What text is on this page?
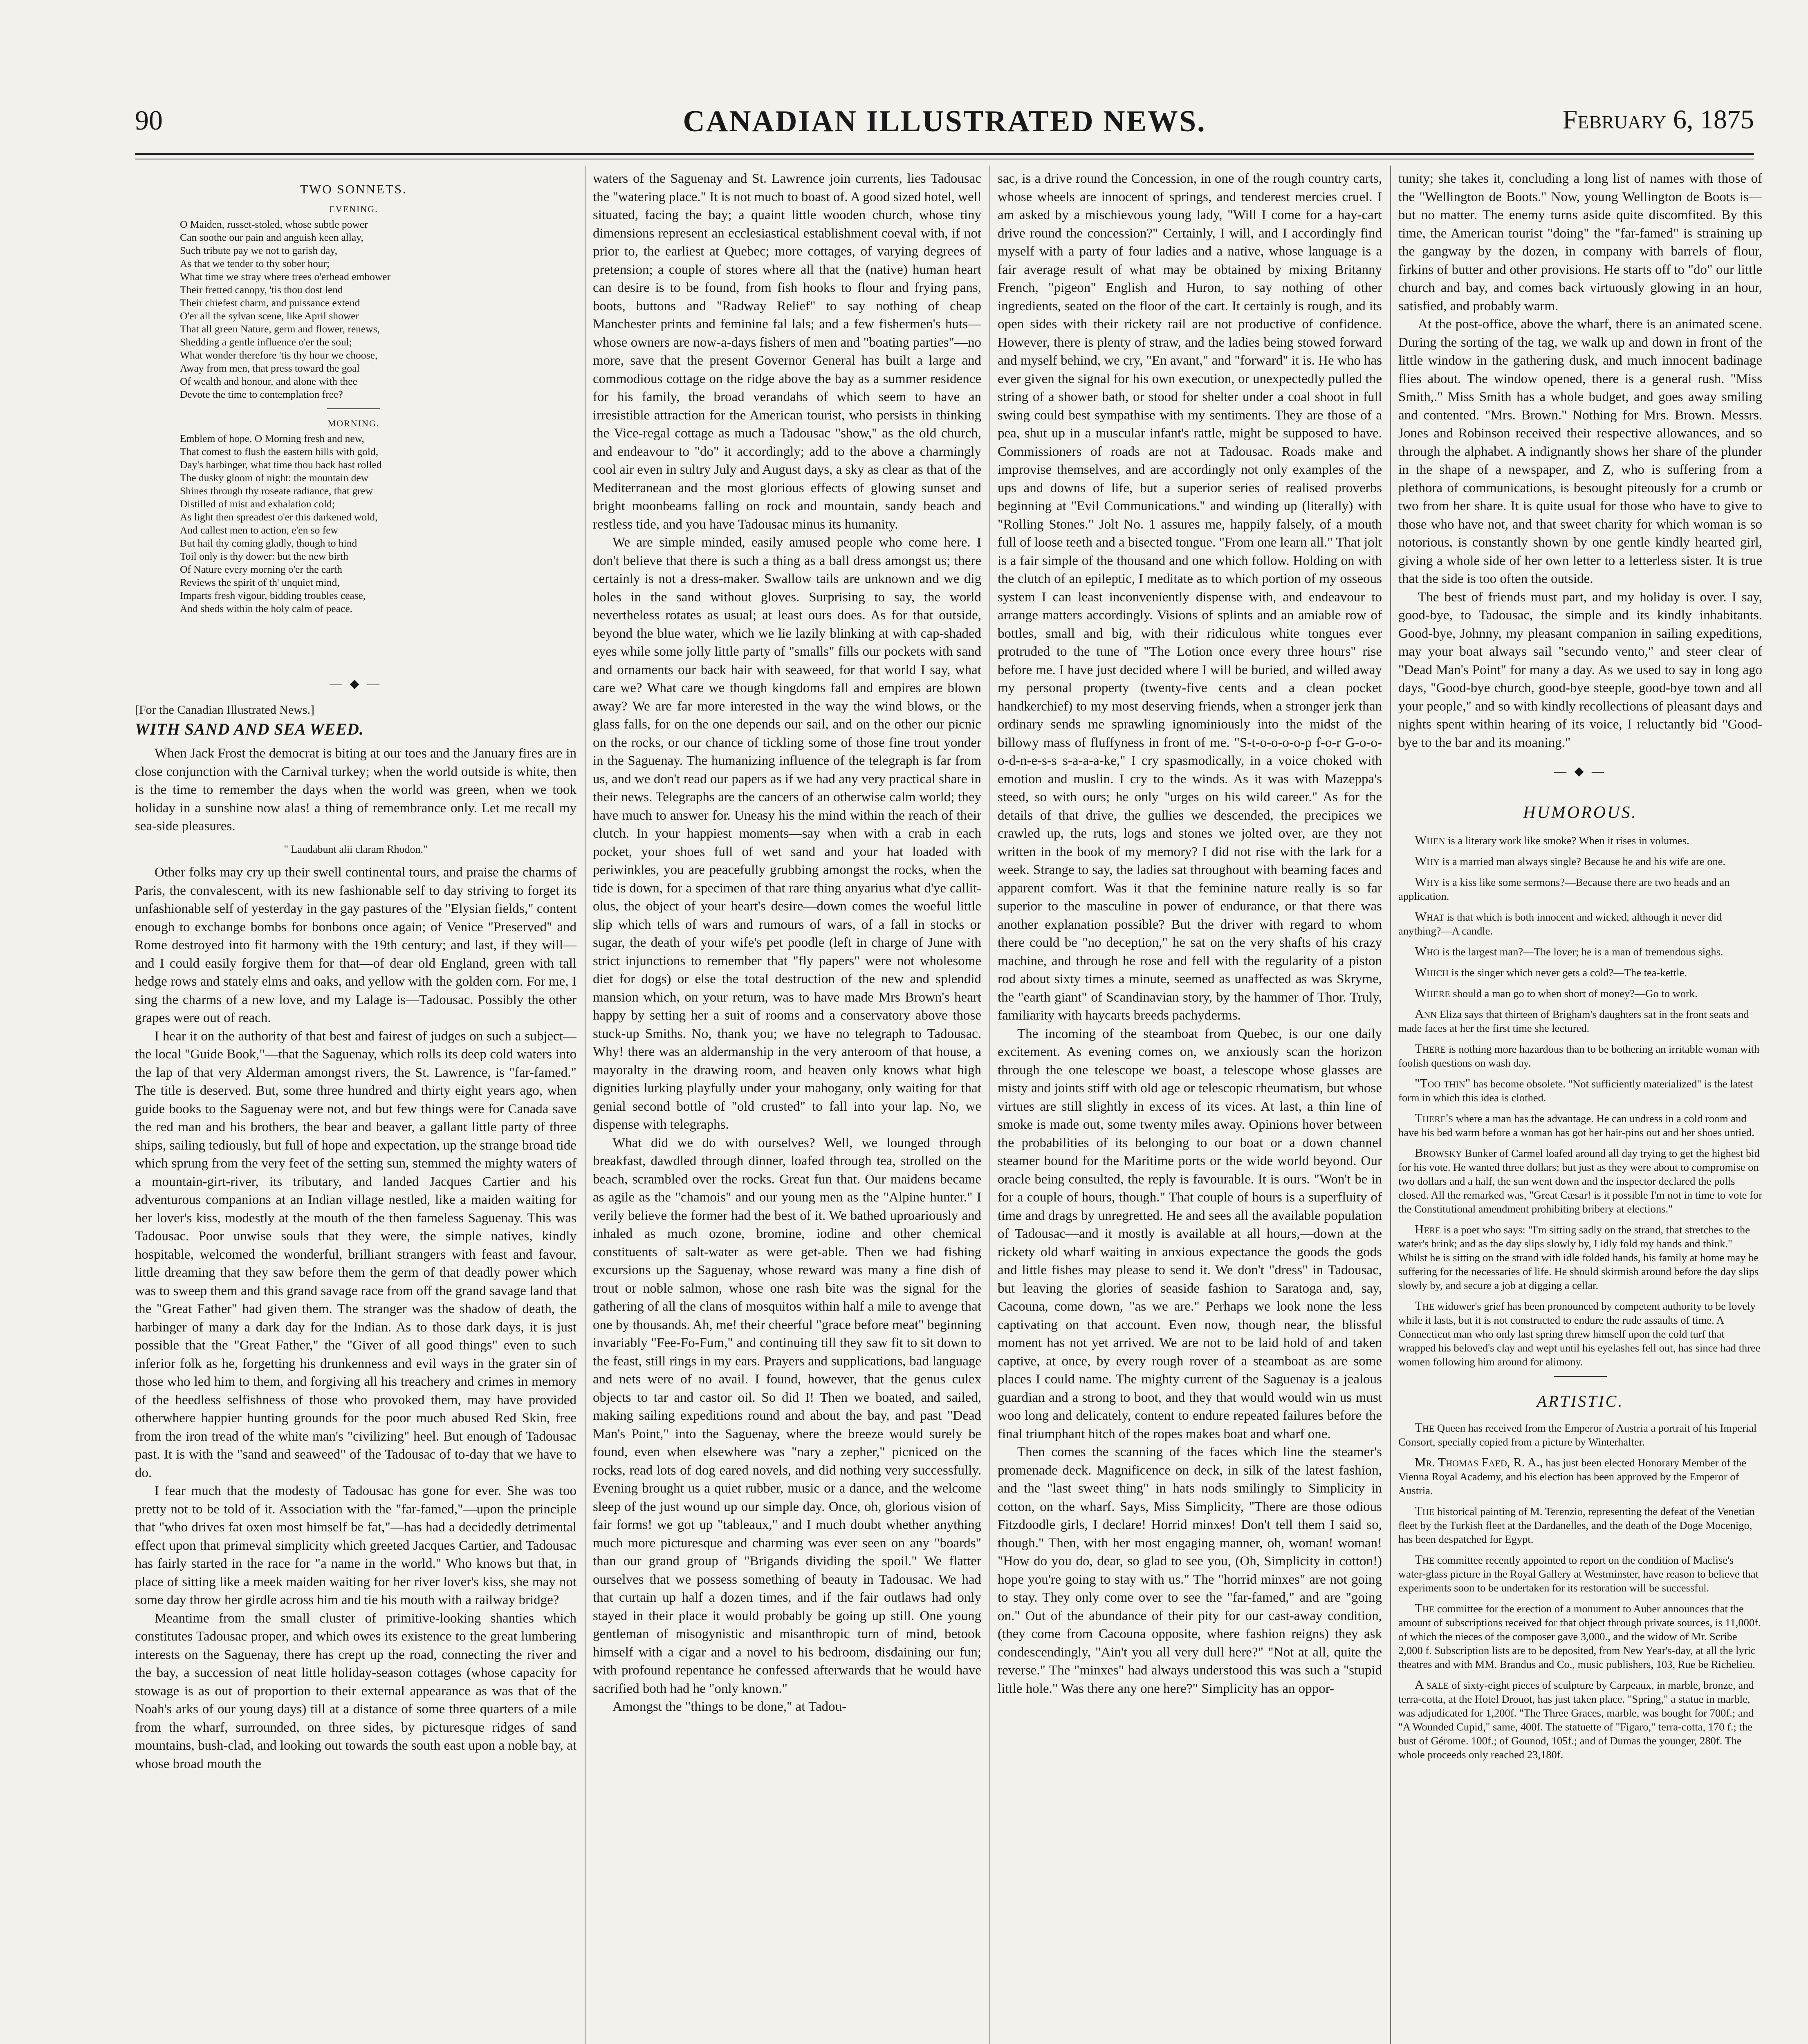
90	CANADIAN ILLUSTRATED NEWS.	February 6, 1875
TWO SONNETS.
EVENING.
O Maiden, russet-stoled, whose subtle power
Can soothe our pain and anguish keen allay,
Such tribute pay we not to garish day,
As that we tender to thy sober hour;
What time we stray where trees o'erhead embower
Their fretted canopy, 'tis thou dost lend
Their chiefest charm, and puissance extend
O'er all the sylvan scene, like April shower
That all green Nature, germ and flower, renews,
Shedding a gentle influence o'er the soul;
What wonder therefore 'tis thy hour we choose,
Away from men, that press toward the goal
Of wealth and honour, and alone with thee
Devote the time to contemplation free?
MORNING.
Emblem of hope, O Morning fresh and new,
That comest to flush the eastern hills with gold,
Day's harbinger, what time thou back hast rolled
The dusky gloom of night: the mountain dew
Shines through thy roseate radiance, that grew
Distilled of mist and exhalation cold;
As light then spreadest o'er this darkened wold,
And callest men to action, e'en so few
But hail thy coming gladly, though to hind
Toil only is thy dower: but the new birth
Of Nature every morning o'er the earth
Reviews the spirit of th' unquiet mind,
Imparts fresh vigour, bidding troubles cease,
And sheds within the holy calm of peace.
— ◆ —
[For the Canadian Illustrated News.]
WITH SAND AND SEA WEED.

When Jack Frost the democrat is biting at our toes and the January fires are in close conjunction with the Carnival turkey; when the world outside is white, then is the time to remember the days when the world was green, when we took holiday in a sunshine now alas! a thing of remembrance only. Let me recall my sea-side pleasures.

" Laudabunt alii claram Rhodon."

Other folks may cry up their swell continental tours, and praise the charms of Paris, the convalescent, with its new fashionable self to day striving to forget its unfashionable self of yesterday in the gay pastures of the "Elysian fields," content enough to exchange bombs for bonbons once again; of Venice "Preserved" and Rome destroyed into fit harmony with the 19th century; and last, if they will—and I could easily forgive them for that—of dear old England, green with tall hedge rows and stately elms and oaks, and yellow with the golden corn. For me, I sing the charms of a new love, and my Lalage is—Tadousac. Possibly the other grapes were out of reach.

I hear it on the authority of that best and fairest of judges on such a subject—the local "Guide Book,"—that the Saguenay, which rolls its deep cold waters into the lap of that very Alderman amongst rivers, the St. Lawrence, is "far-famed." The title is deserved. But, some three hundred and thirty eight years ago, when guide books to the Saguenay were not, and but few things were for Canada save the red man and his brothers, the bear and beaver, a gallant little party of three ships, sailing tediously, but full of hope and expectation, up the strange broad tide which sprung from the very feet of the setting sun, stemmed the mighty waters of a mountain-girt-river, its tributary, and landed Jacques Cartier and his adventurous companions at an Indian village nestled, like a maiden waiting for her lover's kiss, modestly at the mouth of the then fameless Saguenay. This was Tadousac. Poor unwise souls that they were, the simple natives, kindly hospitable, welcomed the wonderful, brilliant strangers with feast and favour, little dreaming that they saw before them the germ of that deadly power which was to sweep them and this grand savage race from off the grand savage land that the "Great Father" had given them. The stranger was the shadow of death, the harbinger of many a dark day for the Indian. As to those dark days, it is just possible that the "Great Father," the "Giver of all good things" even to such inferior folk as he, forgetting his drunkenness and evil ways in the grater sin of those who led him to them, and forgiving all his treachery and crimes in memory of the heedless selfishness of those who provoked them, may have provided otherwhere happier hunting grounds for the poor much abused Red Skin, free from the iron tread of the white man's "civilizing" heel. But enough of Tadousac past. It is with the "sand and seaweed" of the Tadousac of to-day that we have to do.

I fear much that the modesty of Tadousac has gone for ever. She was too pretty not to be told of it. Association with the "far-famed,"—upon the principle that "who drives fat oxen most himself be fat,"—has had a decidedly detrimental effect upon that primeval simplicity which greeted Jacques Cartier, and Tadousac has fairly started in the race for "a name in the world." Who knows but that, in place of sitting like a meek maiden waiting for her river lover's kiss, she may not some day throw her girdle across him and tie his mouth with a railway bridge?

Meantime from the small cluster of primitive-looking shanties which constitutes Tadousac proper, and which owes its existence to the great lumbering interests on the Saguenay, there has crept up the road, connecting the river and the bay, a succession of neat little holiday-season cottages (whose capacity for stowage is as out of proportion to their external appearance as was that of the Noah's arks of our young days) till at a distance of some three quarters of a mile from the wharf, surrounded, on three sides, by picturesque ridges of sand mountains, bush-clad, and looking out towards the south east upon a noble bay, at whose broad mouth the

waters of the Saguenay and St. Lawrence join currents, lies Tadousac the "watering place." It is not much to boast of. A good sized hotel, well situated, facing the bay; a quaint little wooden church, whose tiny dimensions represent an ecclesiastical establishment coeval with, if not prior to, the earliest at Quebec; more cottages, of varying degrees of pretension; a couple of stores where all that the (native) human heart can desire is to be found, from fish hooks to flour and frying pans, boots, buttons and "Radway Relief" to say nothing of cheap Manchester prints and feminine fal lals; and a few fishermen's huts—whose owners are now-a-days fishers of men and "boating parties"—no more, save that the present Governor General has built a large and commodious cottage on the ridge above the bay as a summer residence for his family, the broad verandahs of which seem to have an irresistible attraction for the American tourist, who persists in thinking the Vice-regal cottage as much a Tadousac "show," as the old church, and endeavour to "do" it accordingly; add to the above a charmingly cool air even in sultry July and August days, a sky as clear as that of the Mediterranean and the most glorious effects of glowing sunset and bright moonbeams falling on rock and mountain, sandy beach and restless tide, and you have Tadousac minus its humanity.

We are simple minded, easily amused people who come here. I don't believe that there is such a thing as a ball dress amongst us; there certainly is not a dress-maker. Swallow tails are unknown and we dig holes in the sand without gloves. Surprising to say, the world nevertheless rotates as usual; at least ours does. As for that outside, beyond the blue water, which we lie lazily blinking at with cap-shaded eyes while some jolly little party of "smalls" fills our pockets with sand and ornaments our back hair with seaweed, for that world I say, what care we? What care we though kingdoms fall and empires are blown away? We are far more interested in the way the wind blows, or the glass falls, for on the one depends our sail, and on the other our picnic on the rocks, or our chance of tickling some of those fine trout yonder in the Saguenay. The humanizing influence of the telegraph is far from us, and we don't read our papers as if we had any very practical share in their news. Telegraphs are the cancers of an otherwise calm world; they have much to answer for. Uneasy his the mind within the reach of their clutch. In your happiest moments—say when with a crab in each pocket, your shoes full of wet sand and your hat loaded with periwinkles, you are peacefully grubbing amongst the rocks, when the tide is down, for a specimen of that rare thing anyarius what d'ye callit-olus, the object of your heart's desire—down comes the woeful little slip which tells of wars and rumours of wars, of a fall in stocks or sugar, the death of your wife's pet poodle (left in charge of June with strict injunctions to remember that "fly papers" were not wholesome diet for dogs) or else the total destruction of the new and splendid mansion which, on your return, was to have made Mrs Brown's heart happy by setting her a suit of rooms and a conservatory above those stuck-up Smiths. No, thank you; we have no telegraph to Tadousac. Why! there was an aldermanship in the very anteroom of that house, a mayoralty in the drawing room, and heaven only knows what high dignities lurking playfully under your mahogany, only waiting for that genial second bottle of "old crusted" to fall into your lap. No, we dispense with telegraphs.

What did we do with ourselves? Well, we lounged through breakfast, dawdled through dinner, loafed through tea, strolled on the beach, scrambled over the rocks. Great fun that. Our maidens became as agile as the "chamois" and our young men as the "Alpine hunter." I verily believe the former had the best of it. We bathed uproariously and inhaled as much ozone, bromine, iodine and other chemical constituents of salt-water as were get-able. Then we had fishing excursions up the Saguenay, whose reward was many a fine dish of trout or noble salmon, whose one rash bite was the signal for the gathering of all the clans of mosquitos within half a mile to avenge that one by thousands. Ah, me! their cheerful "grace before meat" beginning invariably "Fee-Fo-Fum," and continuing till they saw fit to sit down to the feast, still rings in my ears. Prayers and supplications, bad language and nets were of no avail. I found, however, that the genus culex objects to tar and castor oil. So did I! Then we boated, and sailed, making sailing expeditions round and about the bay, and past "Dead Man's Point," into the Saguenay, where the breeze would surely be found, even when elsewhere was "nary a zepher," picniced on the rocks, read lots of dog eared novels, and did nothing very successfully. Evening brought us a quiet rubber, music or a dance, and the welcome sleep of the just wound up our simple day. Once, oh, glorious vision of fair forms! we got up "tableaux," and I much doubt whether anything much more picturesque and charming was ever seen on any "boards" than our grand group of "Brigands dividing the spoil." We flatter ourselves that we possess something of beauty in Tadousac. We had that curtain up half a dozen times, and if the fair outlaws had only stayed in their place it would probably be going up still. One young gentleman of misogynistic and misanthropic turn of mind, betook himself with a cigar and a novel to his bedroom, disdaining our fun; with profound repentance he confessed afterwards that he would have sacrified both had he "only known."

Amongst the "things to be done," at Tadou-

sac, is a drive round the Concession, in one of the rough country carts, whose wheels are innocent of springs, and tenderest mercies cruel. I am asked by a mischievous young lady, "Will I come for a hay-cart drive round the concession?" Certainly, I will, and I accordingly find myself with a party of four ladies and a native, whose language is a fair average result of what may be obtained by mixing Britanny French, "pigeon" English and Huron, to say nothing of other ingredients, seated on the floor of the cart. It certainly is rough, and its open sides with their rickety rail are not productive of confidence. However, there is plenty of straw, and the ladies being stowed forward and myself behind, we cry, "En avant," and "forward" it is. He who has ever given the signal for his own execution, or unexpectedly pulled the string of a shower bath, or stood for shelter under a coal shoot in full swing could best sympathise with my sentiments. They are those of a pea, shut up in a muscular infant's rattle, might be supposed to have. Commissioners of roads are not at Tadousac. Roads make and improvise themselves, and are accordingly not only examples of the ups and downs of life, but a superior series of realised proverbs beginning at "Evil Communications." and winding up (literally) with "Rolling Stones." Jolt No. 1 assures me, happily falsely, of a mouth full of loose teeth and a bisected tongue. "From one learn all." That jolt is a fair simple of the thousand and one which follow. Holding on with the clutch of an epileptic, I meditate as to which portion of my osseous system I can least inconveniently dispense with, and endeavour to arrange matters accordingly. Visions of splints and an amiable row of bottles, small and big, with their ridiculous white tongues ever protruded to the tune of "The Lotion once every three hours" rise before me. I have just decided where I will be buried, and willed away my personal property (twenty-five cents and a clean pocket handkerchief) to my most deserving friends, when a stronger jerk than ordinary sends me sprawling ignominiously into the midst of the billowy mass of fluffyness in front of me. "S-t-o-o-o-o-p f-o-r G-o-o-o-d-n-e-s-s s-a-a-a-ke," I cry spasmodically, in a voice choked with emotion and muslin. I cry to the winds. As it was with Mazeppa's steed, so with ours; he only "urges on his wild career." As for the details of that drive, the gullies we descended, the precipices we crawled up, the ruts, logs and stones we jolted over, are they not written in the book of my memory? I did not rise with the lark for a week. Strange to say, the ladies sat throughout with beaming faces and apparent comfort. Was it that the feminine nature really is so far superior to the masculine in power of endurance, or that there was another explanation possible? But the driver with regard to whom there could be "no deception," he sat on the very shafts of his crazy machine, and through he rose and fell with the regularity of a piston rod about sixty times a minute, seemed as unaffected as was Skryme, the "earth giant" of Scandinavian story, by the hammer of Thor. Truly, familiarity with haycarts breeds pachyderms.

The incoming of the steamboat from Quebec, is our one daily excitement. As evening comes on, we anxiously scan the horizon through the one telescope we boast, a telescope whose glasses are misty and joints stiff with old age or telescopic rheumatism, but whose virtues are still slightly in excess of its vices. At last, a thin line of smoke is made out, some twenty miles away. Opinions hover between the probabilities of its belonging to our boat or a down channel steamer bound for the Maritime ports or the wide world beyond. Our oracle being consulted, the reply is favourable. It is ours. "Won't be in for a couple of hours, though." That couple of hours is a superfluity of time and drags by unregretted. He and sees all the available population of Tadousac—and it mostly is available at all hours,—down at the rickety old wharf waiting in anxious expectance the goods the gods and little fishes may please to send it. We don't "dress" in Tadousac, but leaving the glories of seaside fashion to Saratoga and, say, Cacouna, come down, "as we are." Perhaps we look none the less captivating on that account. Even now, though near, the blissful moment has not yet arrived. We are not to be laid hold of and taken captive, at once, by every rough rover of a steamboat as are some places I could name. The mighty current of the Saguenay is a jealous guardian and a strong to boot, and they that would would win us must woo long and delicately, content to endure repeated failures before the final triumphant hitch of the ropes makes boat and wharf one.

Then comes the scanning of the faces which line the steamer's promenade deck. Magnificence on deck, in silk of the latest fashion, and the "last sweet thing" in hats nods smilingly to Simplicity in cotton, on the wharf. Says, Miss Simplicity, "There are those odious Fitzdoodle girls, I declare! Horrid minxes! Don't tell them I said so, though." Then, with her most engaging manner, oh, woman! woman! "How do you do, dear, so glad to see you, (Oh, Simplicity in cotton!) hope you're going to stay with us." The "horrid minxes" are not going to stay. They only come over to see the "far-famed," and are "going on." Out of the abundance of their pity for our cast-away condition, (they come from Cacouna opposite, where fashion reigns) they ask condescendingly, "Ain't you all very dull here?" "Not at all, quite the reverse." The "minxes" had always understood this was such a "stupid little hole." Was there any one here?" Simplicity has an oppor-

tunity; she takes it, concluding a long list of names with those of the "Wellington de Boots." Now, young Wellington de Boots is—but no matter. The enemy turns aside quite discomfited. By this time, the American tourist "doing" the "far-famed" is straining up the gangway by the dozen, in company with barrels of flour, firkins of butter and other provisions. He starts off to "do" our little church and bay, and comes back virtuously glowing in an hour, satisfied, and probably warm.

At the post-office, above the wharf, there is an animated scene. During the sorting of the tag, we walk up and down in front of the little window in the gathering dusk, and much innocent badinage flies about. The window opened, there is a general rush. "Miss Smith,." Miss Smith has a whole budget, and goes away smiling and contented. "Mrs. Brown." Nothing for Mrs. Brown. Messrs. Jones and Robinson received their respective allowances, and so through the alphabet. A indignantly shows her share of the plunder in the shape of a newspaper, and Z, who is suffering from a plethora of communications, is besought piteously for a crumb or two from her share. It is quite usual for those who have to give to those who have not, and that sweet charity for which woman is so notorious, is constantly shown by one gentle kindly hearted girl, giving a whole side of her own letter to a letterless sister. It is true that the side is too often the outside.

The best of friends must part, and my holiday is over. I say, good-bye, to Tadousac, the simple and its kindly inhabitants. Good-bye, Johnny, my pleasant companion in sailing expeditions, may your boat always sail "secundo vento," and steer clear of "Dead Man's Point" for many a day. As we used to say in long ago days, "Good-bye church, good-bye steeple, good-bye town and all your people," and so with kindly recollections of pleasant days and nights spent within hearing of its voice, I reluctantly bid "Good-bye to the bar and its moaning."

— ◆ —
HUMOROUS.

When is a literary work like smoke? When it rises in volumes.

Why is a married man always single? Because he and his wife are one.

Why is a kiss like some sermons?—Because there are two heads and an application.

What is that which is both innocent and wicked, although it never did anything?—A candle.

Who is the largest man?—The lover; he is a man of tremendous sighs.

Which is the singer which never gets a cold?—The tea-kettle.

Where should a man go to when short of money?—Go to work.

Ann Eliza says that thirteen of Brigham's daughters sat in the front seats and made faces at her the first time she lectured.

There is nothing more hazardous than to be bothering an irritable woman with foolish questions on wash day.

"Too thin" has become obsolete. "Not sufficiently materialized" is the latest form in which this idea is clothed.

There's where a man has the advantage. He can undress in a cold room and have his bed warm before a woman has got her hair-pins out and her shoes untied.

Browsky Bunker of Carmel loafed around all day trying to get the highest bid for his vote. He wanted three dollars; but just as they were about to compromise on two dollars and a half, the sun went down and the inspector declared the polls closed. All the remarked was, "Great Cæsar! is it possible I'm not in time to vote for the Constitutional amendment prohibiting bribery at elections."

Here is a poet who says: "I'm sitting sadly on the strand, that stretches to the water's brink; and as the day slips slowly by, I idly fold my hands and think." Whilst he is sitting on the strand with idle folded hands, his family at home may be suffering for the necessaries of life. He should skirmish around before the day slips slowly by, and secure a job at digging a cellar.

The widower's grief has been pronounced by competent authority to be lovely while it lasts, but it is not constructed to endure the rude assaults of time. A Connecticut man who only last spring threw himself upon the cold turf that wrapped his beloved's clay and wept until his eyelashes fell out, has since had three women following him around for alimony.

ARTISTIC.

The Queen has received from the Emperor of Austria a portrait of his Imperial Consort, specially copied from a picture by Winterhalter.

Mr. Thomas Faed, R. A., has just been elected Honorary Member of the Vienna Royal Academy, and his election has been approved by the Emperor of Austria.

The historical painting of M. Terenzio, representing the defeat of the Venetian fleet by the Turkish fleet at the Dardanelles, and the death of the Doge Mocenigo, has been despatched for Egypt.

The committee recently appointed to report on the condition of Maclise's water-glass picture in the Royal Gallery at Westminster, have reason to believe that experiments soon to be undertaken for its restoration will be successful.

The committee for the erection of a monument to Auber announces that the amount of subscriptions received for that object through private sources, is 11,000f. of which the nieces of the composer gave 3,000., and the widow of Mr. Scribe 2,000 f. Subscription lists are to be deposited, from New Year's-day, at all the lyric theatres and with MM. Brandus and Co., music publishers, 103, Rue be Richelieu.

A sale of sixty-eight pieces of sculpture by Carpeaux, in marble, bronze, and terra-cotta, at the Hotel Drouot, has just taken place. "Spring," a statue in marble, was adjudicated for 1,200f. "The Three Graces, marble, was bought for 700f.; and "A Wounded Cupid," same, 400f. The statuette of "Figaro," terra-cotta, 170 f.; the bust of Gérome. 100f.; of Gounod, 105f.; and of Dumas the younger, 280f. The whole proceeds only reached 23,180f.
